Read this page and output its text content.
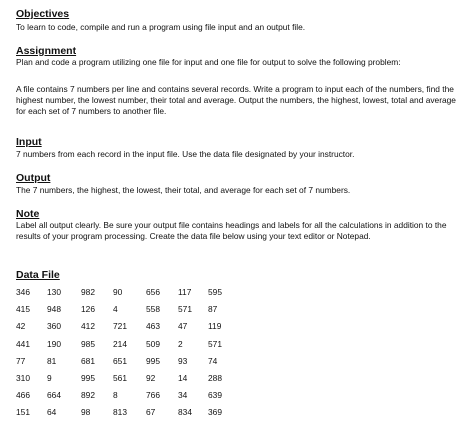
Objectives

To learn to code, compile and run a program using file input and an output file.

Assignment

Plan and code a program utilizing one file for input and one file for output to solve the following problem:

A file contains 7 numbers per line and contains several records. Write a program to input each of the numbers, find the highest number, the lowest number, their total and average. Output the numbers, the highest, lowest, total and average for each set of 7 numbers to another file.

Input

7 numbers from each record in the input file. Use the data file designated by your instructor.

Output

The 7 numbers, the highest, the lowest, their total, and average for each set of 7 numbers.

Note

Label all output clearly. Be sure your output file contains headings and labels for all the calculations in addition to the results of your program processing. Create the data file below using your text editor or Notepad.

Data File

346	130	982	90	656	117	595
415	948	126	4	558	571	87
42	360	412	721	463	47	119
441	190	985	214	509	2	571
77	81	681	651	995	93	74
310	9	995	561	92	14	288
466	664	892	8	766	34	639
151	64	98	813	67	834	369
